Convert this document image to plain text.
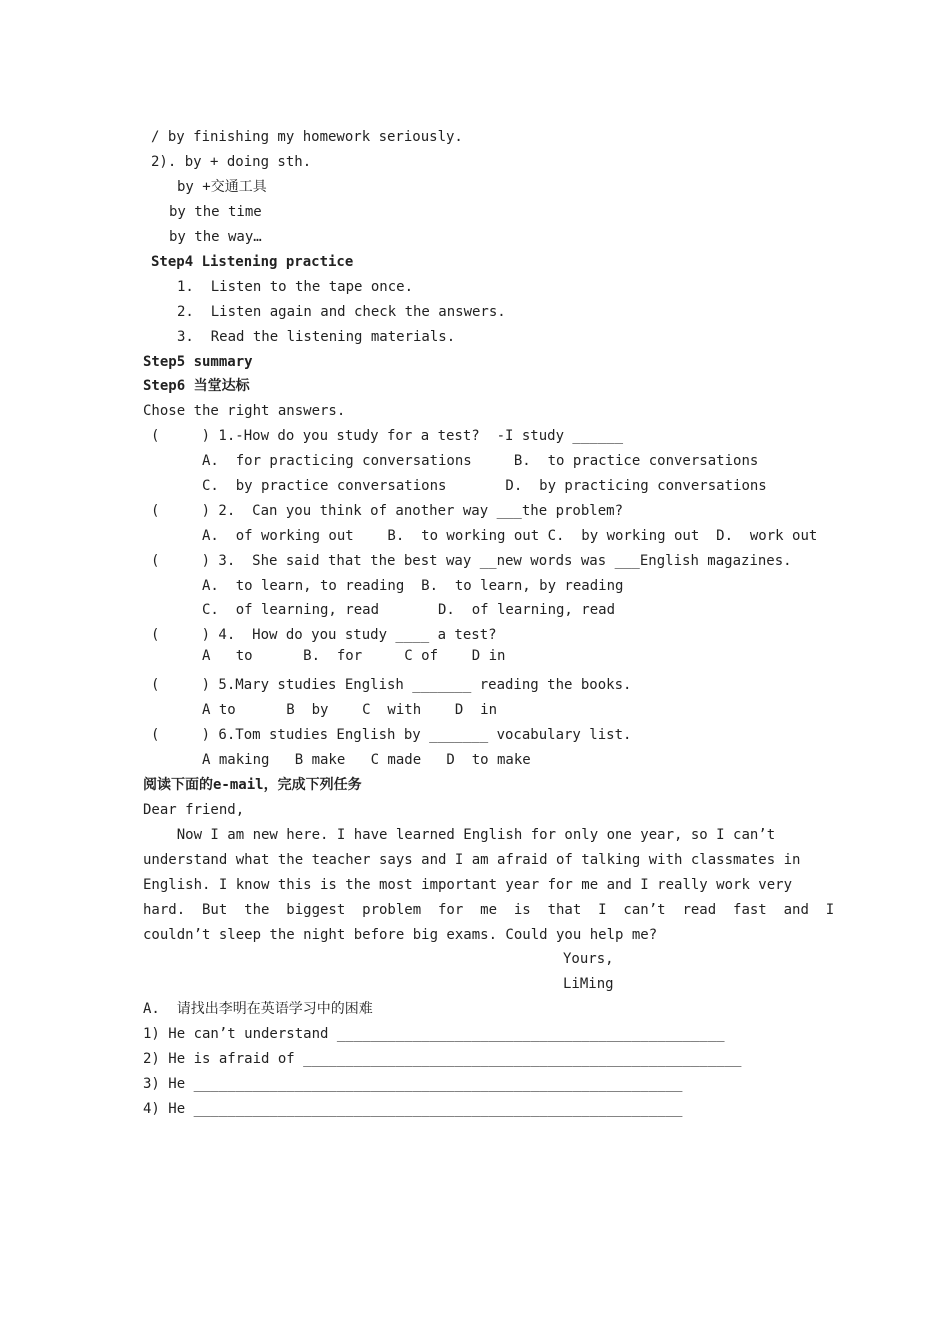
/ by finishing my homework seriously.
2). by + doing sth.
by +交通工具
by the time
by the way…
Step4 Listening practice
1.  Listen to the tape once.
2.  Listen again and check the answers.
3.  Read the listening materials.
Step5 summary
Step6 当堂达标
Chose the right answers.
(     ) 1.-How do you study for a test?  -I study ______
A.  for practicing conversations     B.  to practice conversations
C.  by practice conversations       D.  by practicing conversations
(     ) 2.  Can you think of another way ___the problem?
A.  of working out    B.  to working out C.  by working out  D.  work out
(     ) 3.  She said that the best way __new words was ___English magazines.
A.  to learn, to reading  B.  to learn, by reading
C.  of learning, read       D.  of learning, read
(     ) 4.  How do you study ____ a test?
A   to      B.  for     C of    D in
(     ) 5.Mary studies English _______ reading the books.
A to      B  by    C  with    D  in
(     ) 6.Tom studies English by _______ vocabulary list.
A making   B make   C made   D  to make
阅读下面的e-mail，完成下列任务
Dear friend,
Now I am new here. I have learned English for only one year, so I can’t
understand what the teacher says and I am afraid of talking with classmates in
English. I know this is the most important year for me and I really work very
hard.  But  the  biggest  problem  for  me  is  that  I  can’t  read  fast  and  I
couldn’t sleep the night before big exams. Could you help me?
Yours,
LiMing
A.  请找出李明在英语学习中的困难
1) He can’t understand ______________________________________________
2) He is afraid of ____________________________________________________
3) He __________________________________________________________
4) He __________________________________________________________
